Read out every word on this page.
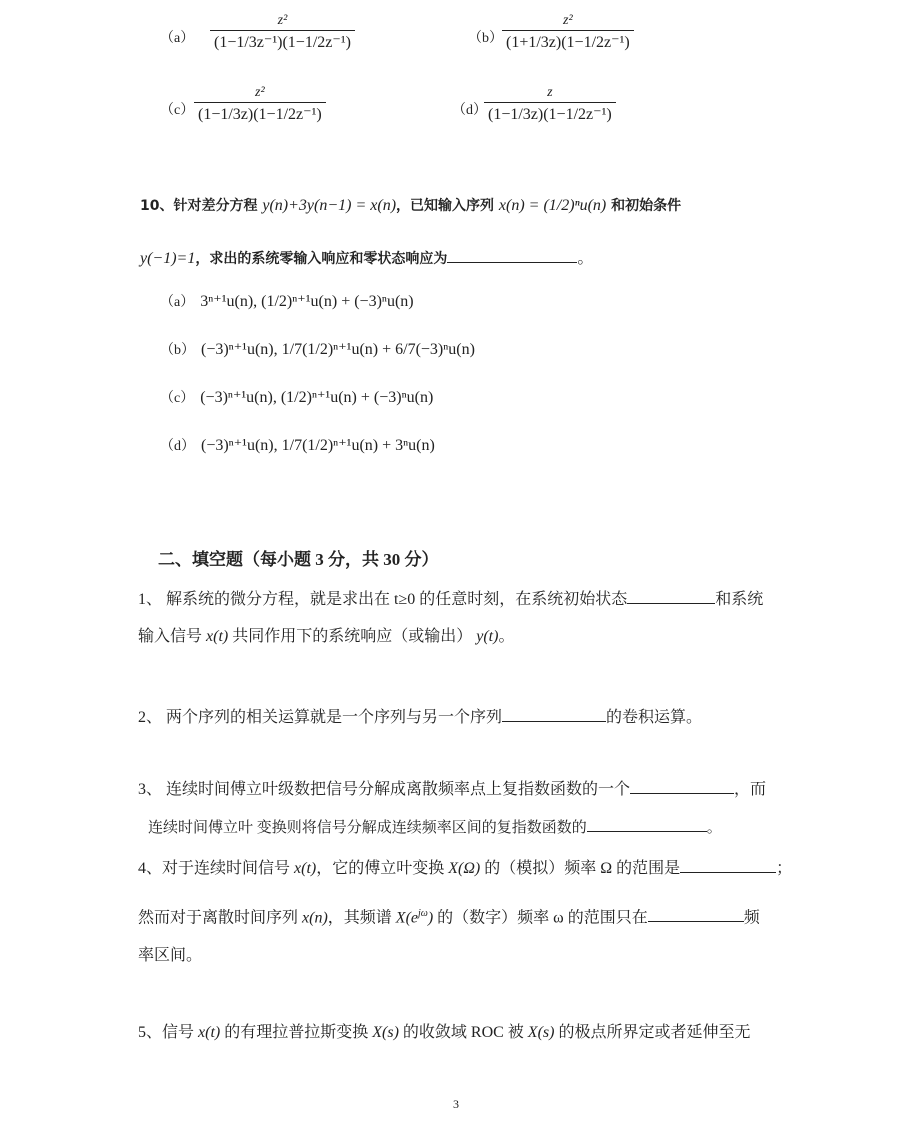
（a）	$\frac{\text{z²}}{\text{(1−1/3z⁻¹)(1−1/2z⁻¹)}}$	$(b) \frac{\text{z²}}{\text{(1+1/3z)(1−1/2z⁻¹)}}$
$(c) \frac{\text{z²}}{\text{(1−1/3z)(1−1/2z⁻¹)}}$	（d）
$\frac{z}{\text{(1−1/3z)(1−1/2z⁻¹)}}$
10、针对差分方程 y(n)+3y(n−1) = x(n)，已知输入序列 x(n) = (1/2)ⁿu(n) 和初始条件
y(−1)=1，求出的系统零输入响应和零状态响应为	。
（a） 3ⁿ⁺¹u(n), (1/2)ⁿ⁺¹u(n) + (−3)ⁿu(n)
（b） (−3)ⁿ⁺¹u(n), 1/7(1/2)ⁿ⁺¹u(n) + 6/7(−3)ⁿu(n)
（c） (−3)ⁿ⁺¹u(n), (1/2)ⁿ⁺¹u(n) + (−3)ⁿu(n)
（d） (−3)ⁿ⁺¹u(n), 1/7(1/2)ⁿ⁺¹u(n) + 3ⁿu(n)
二、填空题（每小题 3 分，共 30 分）
1、 解系统的微分方程，就是求出在 t≥0 的任意时刻，在系统初始状态	和系统
输入信号 x(t) 共同作用下的系统响应（或输出） y(t)。
2、 两个序列的相关运算就是一个序列与另一个序列	的卷积运算。
3、 连续时间傅立叶级数把信号分解成离散频率点上复指数函数的一个	，而
连续时间傅立叶 变换则将信号分解成连续频率区间的复指数函数的	。
4、对于连续时间信号 x(t)，它的傅立叶变换 X(Ω) 的（模拟）频率 Ω 的范围是	；
然而对于离散时间序列 x(n)，其频谱 $X(e^{j\omega})$ 的（数字）频率 ω 的范围只在	频
率区间。
5、信号 x(t) 的有理拉普拉斯变换 X(s) 的收敛域 ROC 被 X(s) 的极点所界定或者延伸至无
3
